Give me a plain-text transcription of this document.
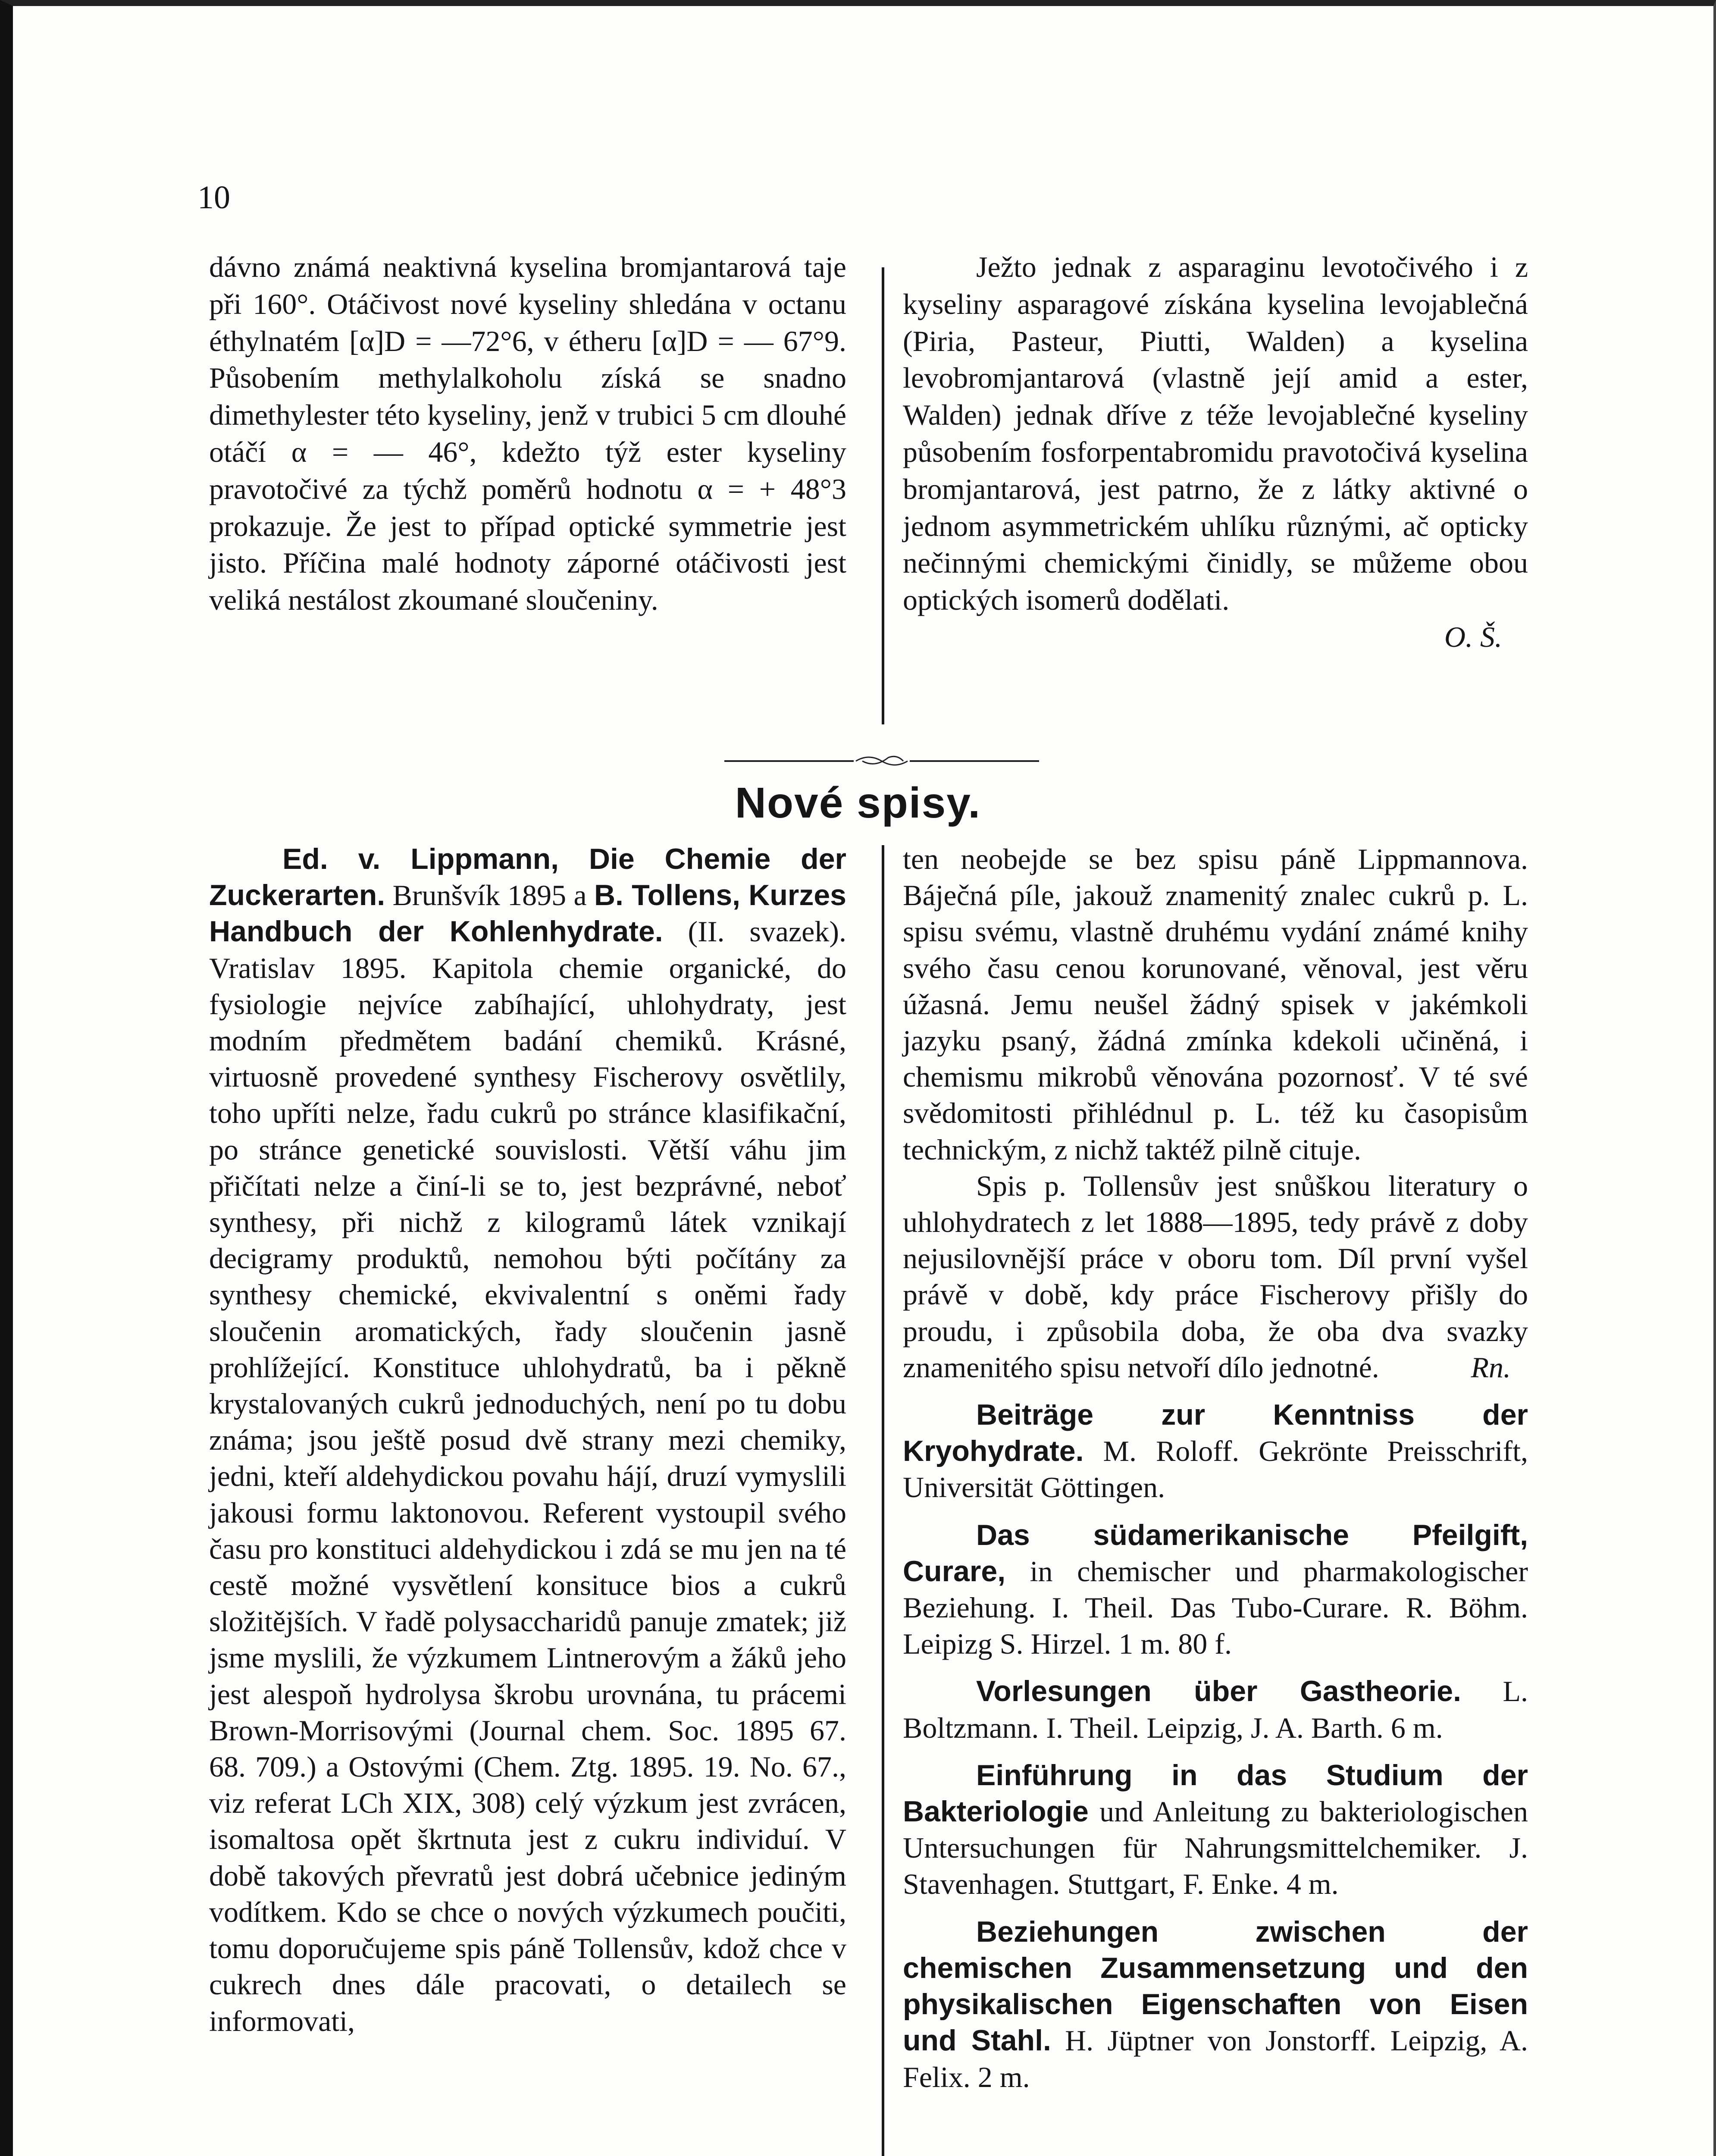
10

dávno známá neaktivná kyselina bromjantarová taje při 160°. Otáčivost nové kyseliny shledána v octanu éthylnatém [α]D = —72°6, v étheru [α]D = — 67°9. Působením methylalkoholu získá se snadno dimethylester této kyseliny, jenž v trubici 5 cm dlouhé otáčí α = — 46°, kdežto týž ester kyseliny pravotočivé za týchž poměrů hodnotu α = + 48°3 prokazuje. Že jest to případ optické symmetrie jest jisto. Příčina malé hodnoty záporné otáčivosti jest veliká nestálost zkoumané sloučeniny.

Ježto jednak z asparaginu levotočivého i z kyseliny asparagové získána kyselina levojablečná (Piria, Pasteur, Piutti, Walden) a kyselina levobromjantarová (vlastně její amid a ester, Walden) jednak dříve z téže levojablečné kyseliny působením fosforpentabromidu pravotočivá kyselina bromjantarová, jest patrno, že z látky aktivné o jednom asymmetrickém uhlíku různými, ač opticky nečinnými chemickými činidly, se můžeme obou optických isomerů dodělati.

O. Š.
Nové spisy.

Ed. v. Lippmann, Die Chemie der Zuckerarten. Brunšvík 1895 a B. Tollens, Kurzes Handbuch der Kohlenhydrate. (II. svazek). Vratislav 1895. Kapitola chemie organické, do fysiologie nejvíce zabíhající, uhlohydraty, jest modním předmětem badání chemiků. Krásné, virtuosně provedené synthesy Fischerovy osvětlily, toho upříti nelze, řadu cukrů po stránce klasifikační, po stránce genetické souvislosti. Větší váhu jim přičítati nelze a činí-li se to, jest bezprávné, neboť synthesy, při nichž z kilogramů látek vznikají decigramy produktů, nemohou býti počítány za synthesy chemické, ekvivalentní s oněmi řady sloučenin aromatických, řady sloučenin jasně prohlížející. Konstituce uhlohydratů, ba i pěkně krystalovaných cukrů jednoduchých, není po tu dobu známa; jsou ještě posud dvě strany mezi chemiky, jedni, kteří aldehydickou povahu hájí, druzí vymyslili jakousi formu laktonovou. Referent vystoupil svého času pro konstituci aldehydickou i zdá se mu jen na té cestě možné vysvětlení konsituce bios a cukrů složitějších. V řadě polysaccharidů panuje zmatek; již jsme myslili, že výzkumem Lintnerovým a žáků jeho jest alespoň hydrolysa škrobu urovnána, tu prácemi Brown-Morrisovými (Journal chem. Soc. 1895 67. 68. 709.) a Ostovými (Chem. Ztg. 1895. 19. No. 67., viz referat LCh XIX, 308) celý výzkum jest zvrácen, isomaltosa opět škrtnuta jest z cukru individuí. V době takových převratů jest dobrá učebnice jediným vodítkem. Kdo se chce o nových výzkumech poučiti, tomu doporučujeme spis páně Tollensův, kdož chce v cukrech dnes dále pracovati, o detailech se informovati,

ten neobejde se bez spisu páně Lippmannova. Báječná píle, jakouž znamenitý znalec cukrů p. L. spisu svému, vlastně druhému vydání známé knihy svého času cenou korunované, věnoval, jest věru úžasná. Jemu neušel žádný spisek v jakémkoli jazyku psaný, žádná zmínka kdekoli učiněná, i chemismu mikrobů věnována pozornosť. V té své svědomitosti přihlédnul p. L. též ku časopisům technickým, z nichž taktéž pilně cituje.

Spis p. Tollensův jest snůškou literatury o uhlohydratech z let 1888—1895, tedy právě z doby nejusilovnější práce v oboru tom. Díl první vyšel právě v době, kdy práce Fischerovy přišly do proudu, i způsobila doba, že oba dva svazky znamenitého spisu netvoří dílo jednotné.	Rn.

Beiträge zur Kenntniss der Kryohydrate. M. Roloff. Gekrönte Preisschrift, Universität Göttingen.

Das südamerikanische Pfeilgift, Curare, in chemischer und pharmakologischer Beziehung. I. Theil. Das Tubo-Curare. R. Böhm. Leipizg S. Hirzel. 1 m. 80 f.

Vorlesungen über Gastheorie. L. Boltzmann. I. Theil. Leipzig, J. A. Barth. 6 m.

Einführung in das Studium der Bakteriologie und Anleitung zu bakteriologischen Untersuchungen für Nahrungsmittelchemiker. J. Stavenhagen. Stuttgart, F. Enke. 4 m.

Beziehungen zwischen der chemischen Zusammensetzung und den physikalischen Eigenschaften von Eisen und Stahl. H. Jüptner von Jonstorff. Leipzig, A. Felix. 2 m.
